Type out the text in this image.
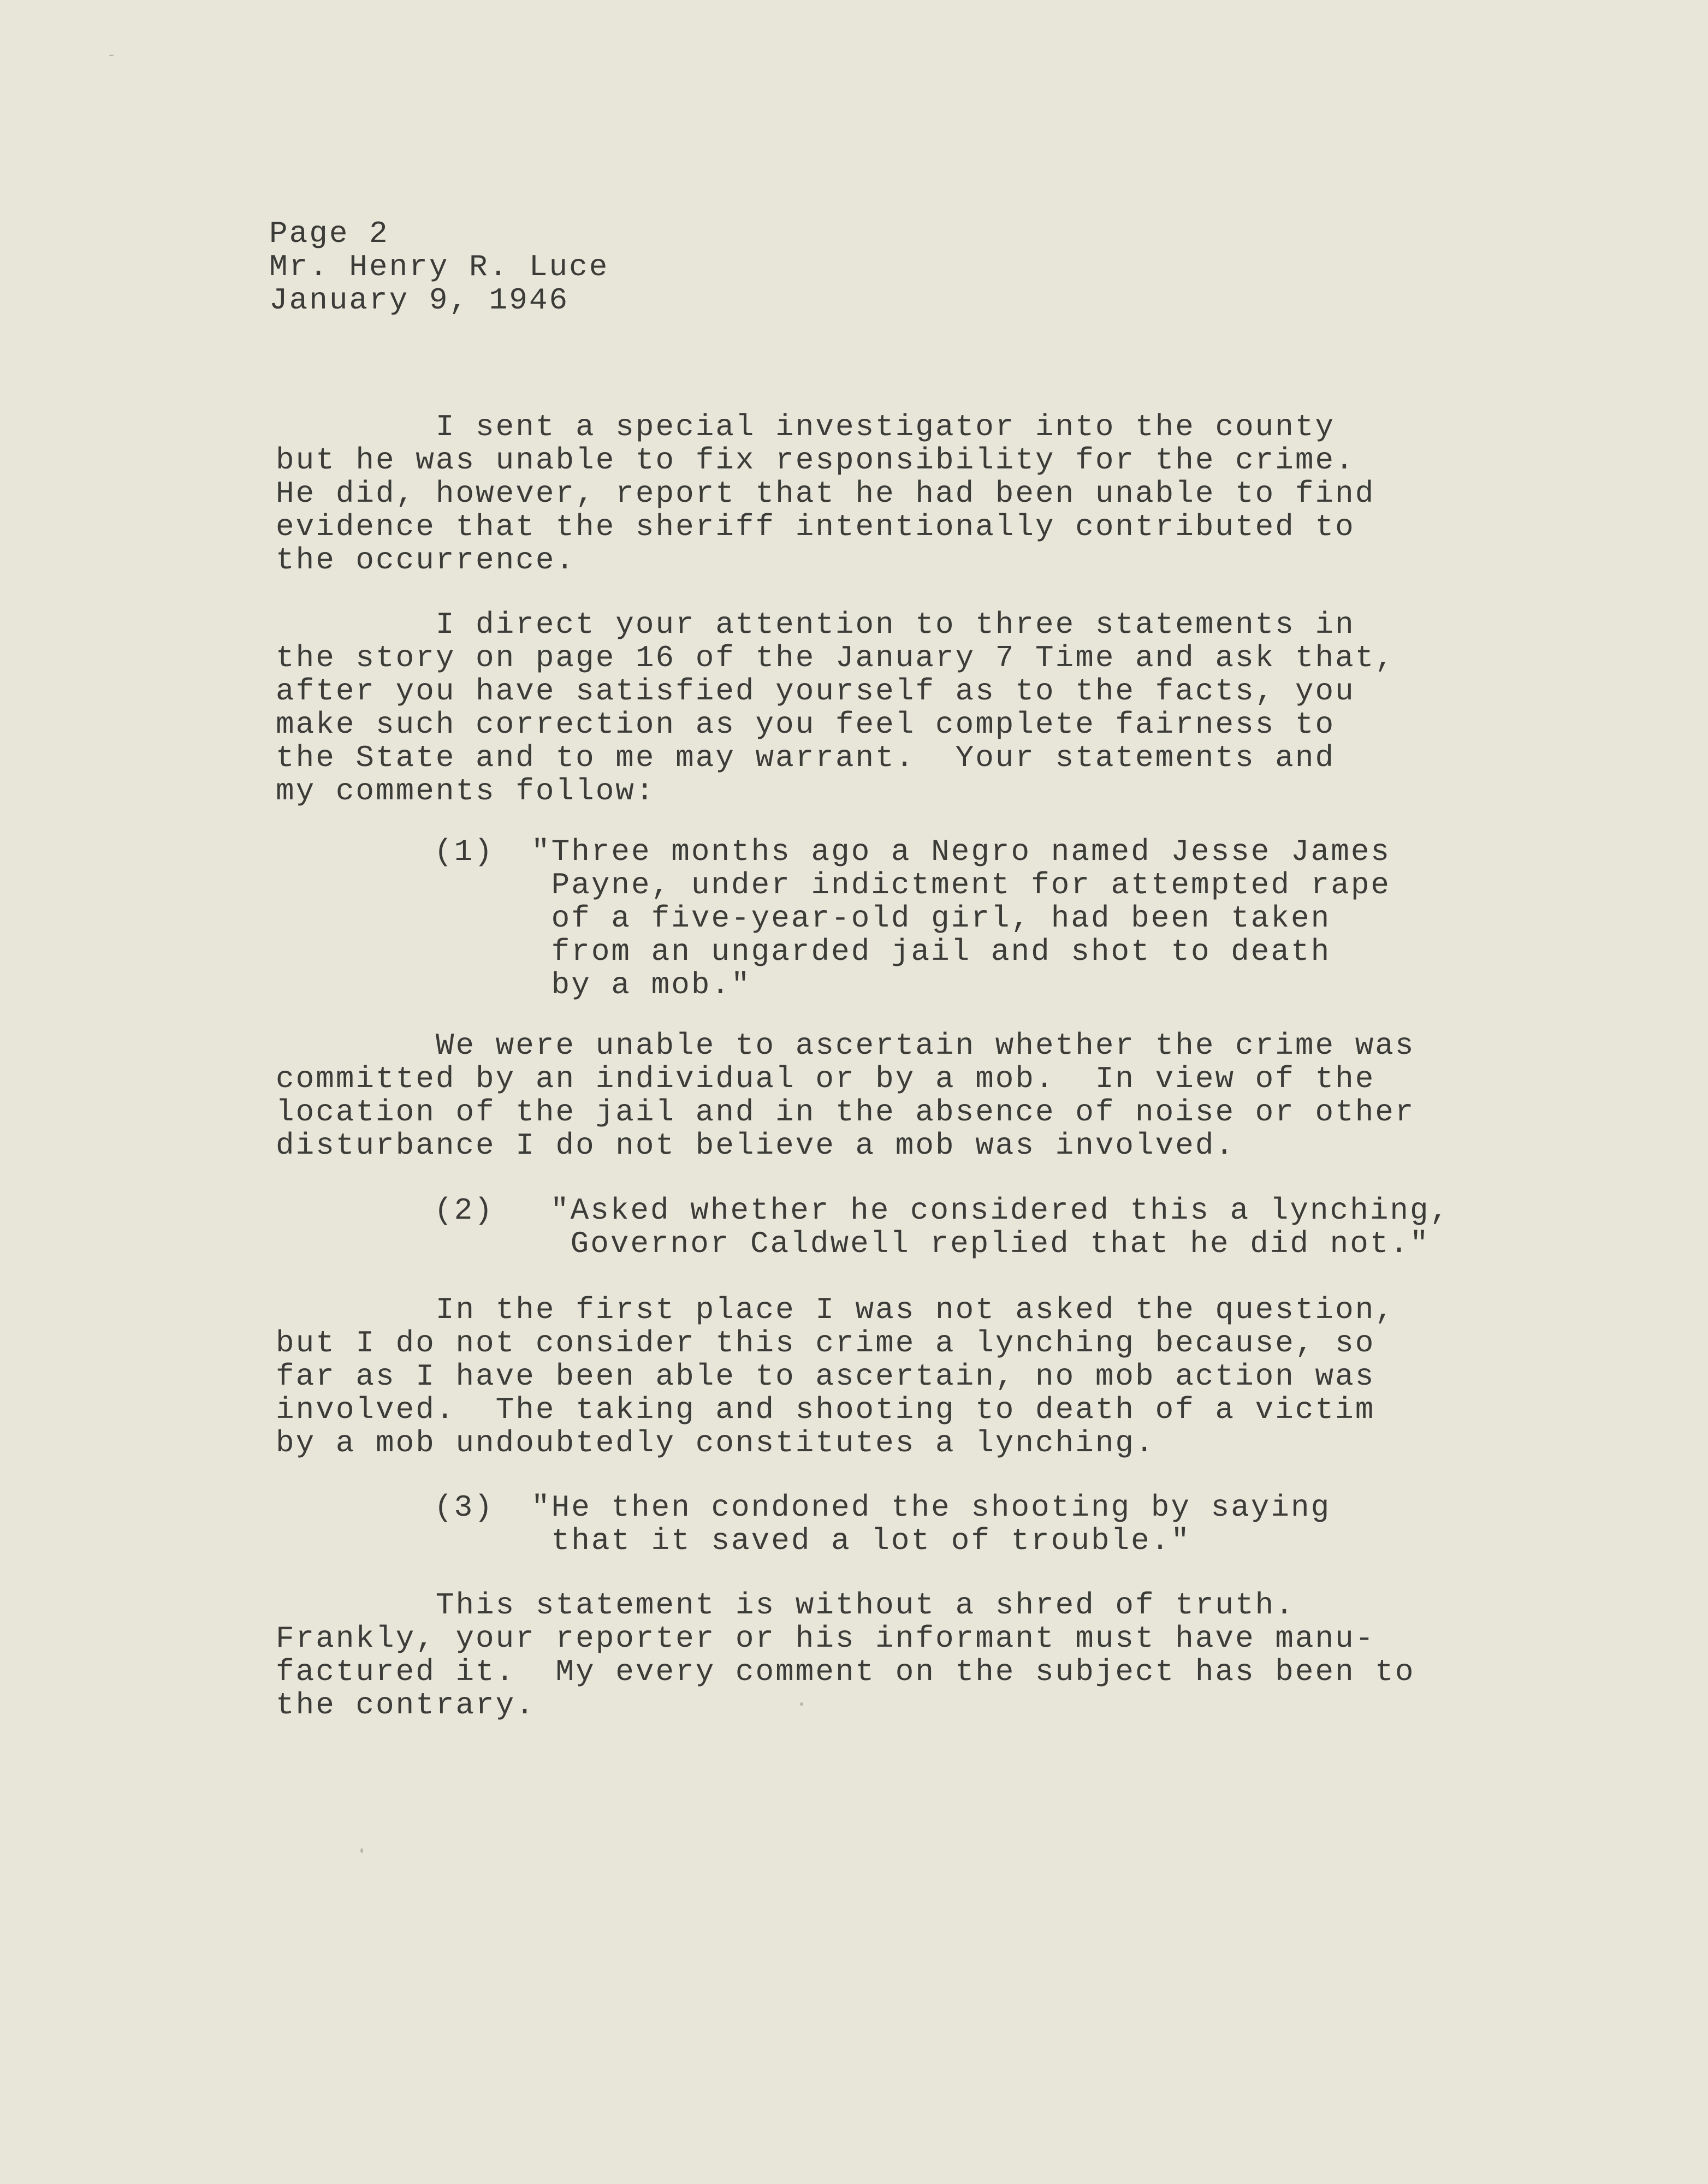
Page 2
Mr. Henry R. Luce
January 9, 1946
I sent a special investigator into the county
but he was unable to fix responsibility for the crime.
He did, however, report that he had been unable to find
evidence that the sheriff intentionally contributed to
the occurrence.
I direct your attention to three statements in
the story on page 16 of the January 7 Time and ask that,
after you have satisfied yourself as to the facts, you
make such correction as you feel complete fairness to
the State and to me may warrant.  Your statements and
my comments follow:
(1) "Three months ago a Negro named Jesse James
Payne, under indictment for attempted rape
of a five-year-old girl, had been taken
from an ungarded jail and shot to death
by a mob."
We were unable to ascertain whether the crime was
committed by an individual or by a mob.  In view of the
location of the jail and in the absence of noise or other
disturbance I do not believe a mob was involved.
(2) "Asked whether he considered this a lynching,
Governor Caldwell replied that he did not."
In the first place I was not asked the question,
but I do not consider this crime a lynching because, so
far as I have been able to ascertain, no mob action was
involved.  The taking and shooting to death of a victim
by a mob undoubtedly constitutes a lynching.
(3) "He then condoned the shooting by saying
that it saved a lot of trouble."
This statement is without a shred of truth.
Frankly, your reporter or his informant must have manu-
factured it.  My every comment on the subject has been to
the contrary.
